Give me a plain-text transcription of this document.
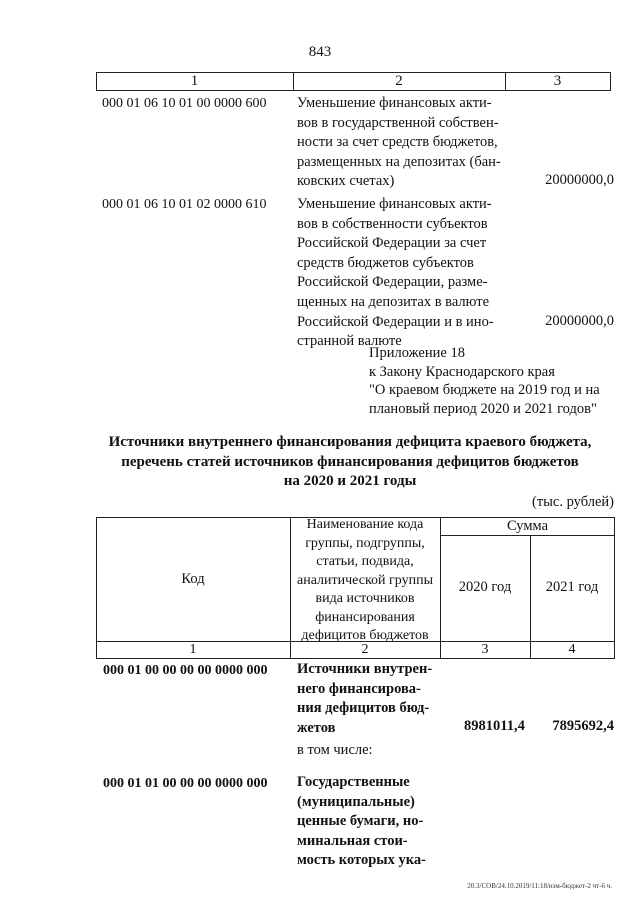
843
1	2	3
000 01 06 10 01 00 0000 600 Уменьшение финансовых акти-
вов в государственной собствен-
ности за счет средств бюджетов,
размещенных на депозитах (бан-
ковских счетах)	20000000,0
000 01 06 10 01 02 0000 610 Уменьшение финансовых акти-
вов в собственности субъектов
Российской Федерации за счет
средств бюджетов субъектов
Российской Федерации, разме-
щенных на депозитах в валюте
Российской Федерации и в ино-
странной валюте
20000000,0
Приложение 18
к Закону Краснодарского края
"О краевом бюджете на 2019 год и на
плановый период 2020 и 2021 годов"
Источники внутреннего финансирования дефицита краевого бюджета,
перечень статей источников финансирования дефицитов бюджетов
на 2020 и 2021 годы
(тыс. рублей)
Код
Наименование кода
группы, подгруппы,
статьи, подвида,
аналитической группы
вида источников
финансирования
дефицитов бюджетов
Сумма
2020 год	2021 год
1	2	3	4
000 01 00 00 00 00 0000 000 Источники внутрен-
него финансирова-
ния дефицитов бюд-
жетов	8981011,4 7895692,4
в том числе:
000 01 01 00 00 00 0000 000 Государственные
(муниципальные)
ценные бумаги, но-
минальная стои-
мость которых ука-
20.3/СОВ/24.10.2019/11:18/изм-бюджет-2 чт-6 ч.
